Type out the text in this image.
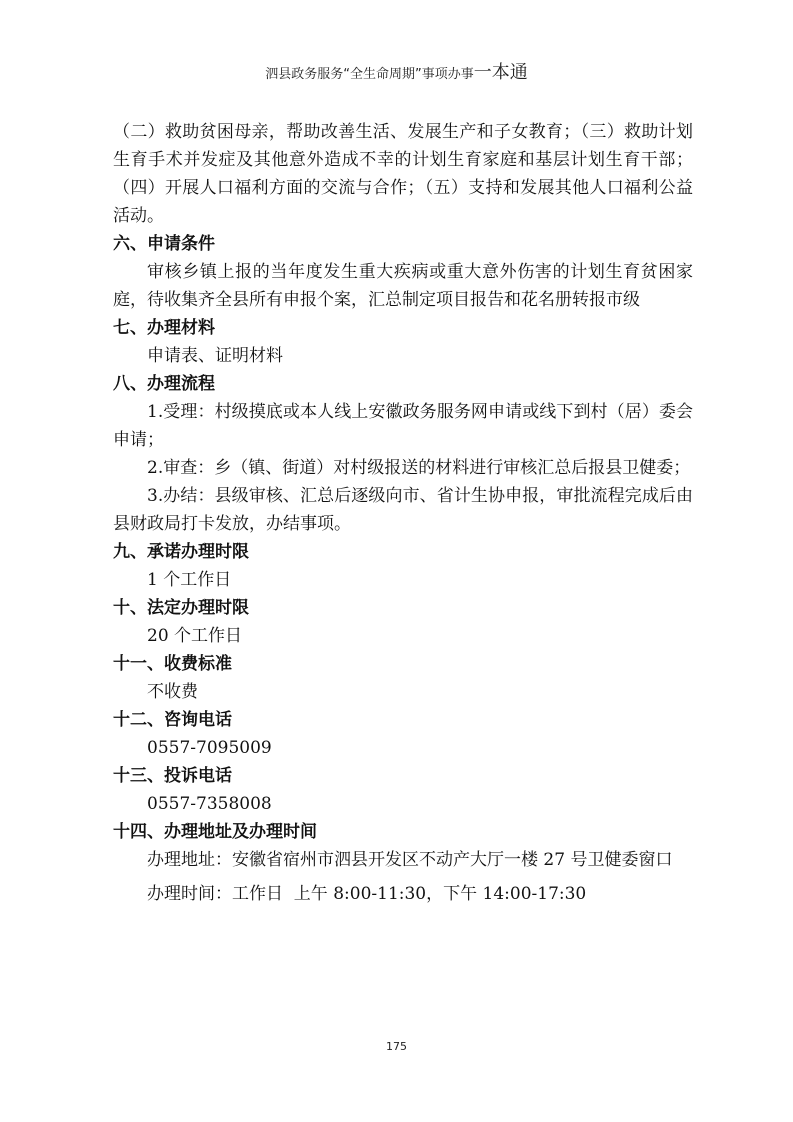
泗县政务服务“全生命周期”事项办事一本通

（二）救助贫困母亲，帮助改善生活、发展生产和子女教育；（三）救助计划生育手术并发症及其他意外造成不幸的计划生育家庭和基层计划生育干部；（四）开展人口福利方面的交流与合作；（五）支持和发展其他人口福利公益活动。

六、申请条件

审核乡镇上报的当年度发生重大疾病或重大意外伤害的计划生育贫困家庭，待收集齐全县所有申报个案，汇总制定项目报告和花名册转报市级

七、办理材料

申请表、证明材料

八、办理流程

1.受理：村级摸底或本人线上安徽政务服务网申请或线下到村（居）委会申请；

2.审查：乡（镇、街道）对村级报送的材料进行审核汇总后报县卫健委；

3.办结：县级审核、汇总后逐级向市、省计生协申报，审批流程完成后由县财政局打卡发放，办结事项。

九、承诺办理时限

1 个工作日

十、法定办理时限

20 个工作日

十一、收费标准

不收费

十二、咨询电话

0557-7095009

十三、投诉电话

0557-7358008

十四、办理地址及办理时间

办理地址：安徽省宿州市泗县开发区不动产大厅一楼 27 号卫健委窗口

办理时间：工作日  上午 8:00-11:30，下午 14:00-17:30

175
